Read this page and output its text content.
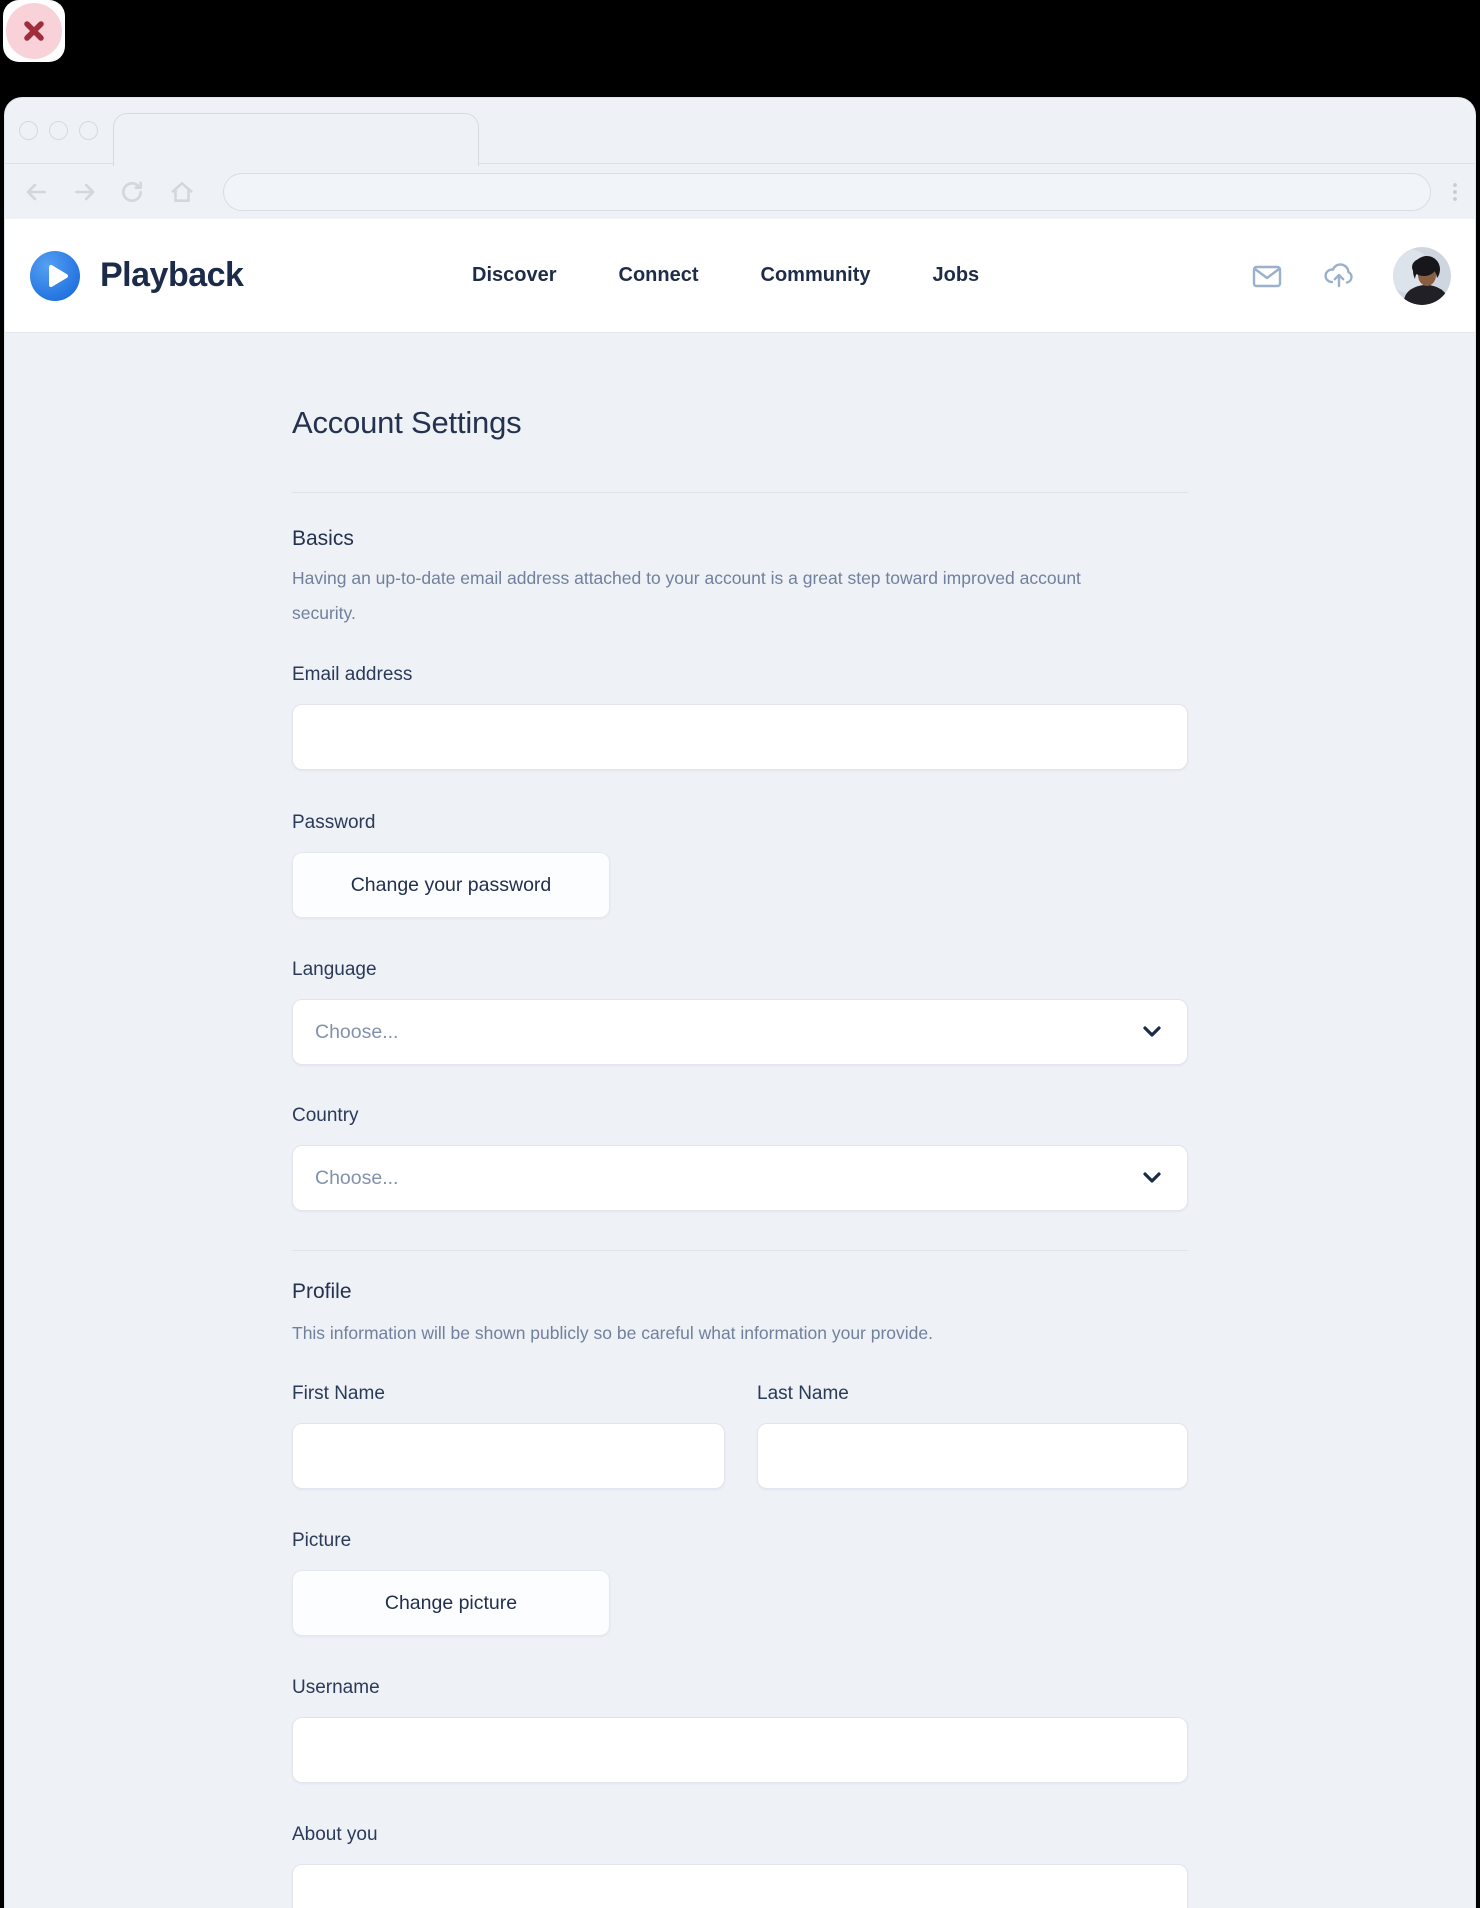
Playback	Discover	Connect	Community	Jobs
Account Settings
Basics

Having an up-to-date email address attached to your account is a great step toward improved account security.

Email address
Password
Change your password
Language
Choose...
Country
Choose...
Profile

This information will be shown publicly so be careful what information your provide.

First Name	Last Name
Picture
Change picture
Username
About you
